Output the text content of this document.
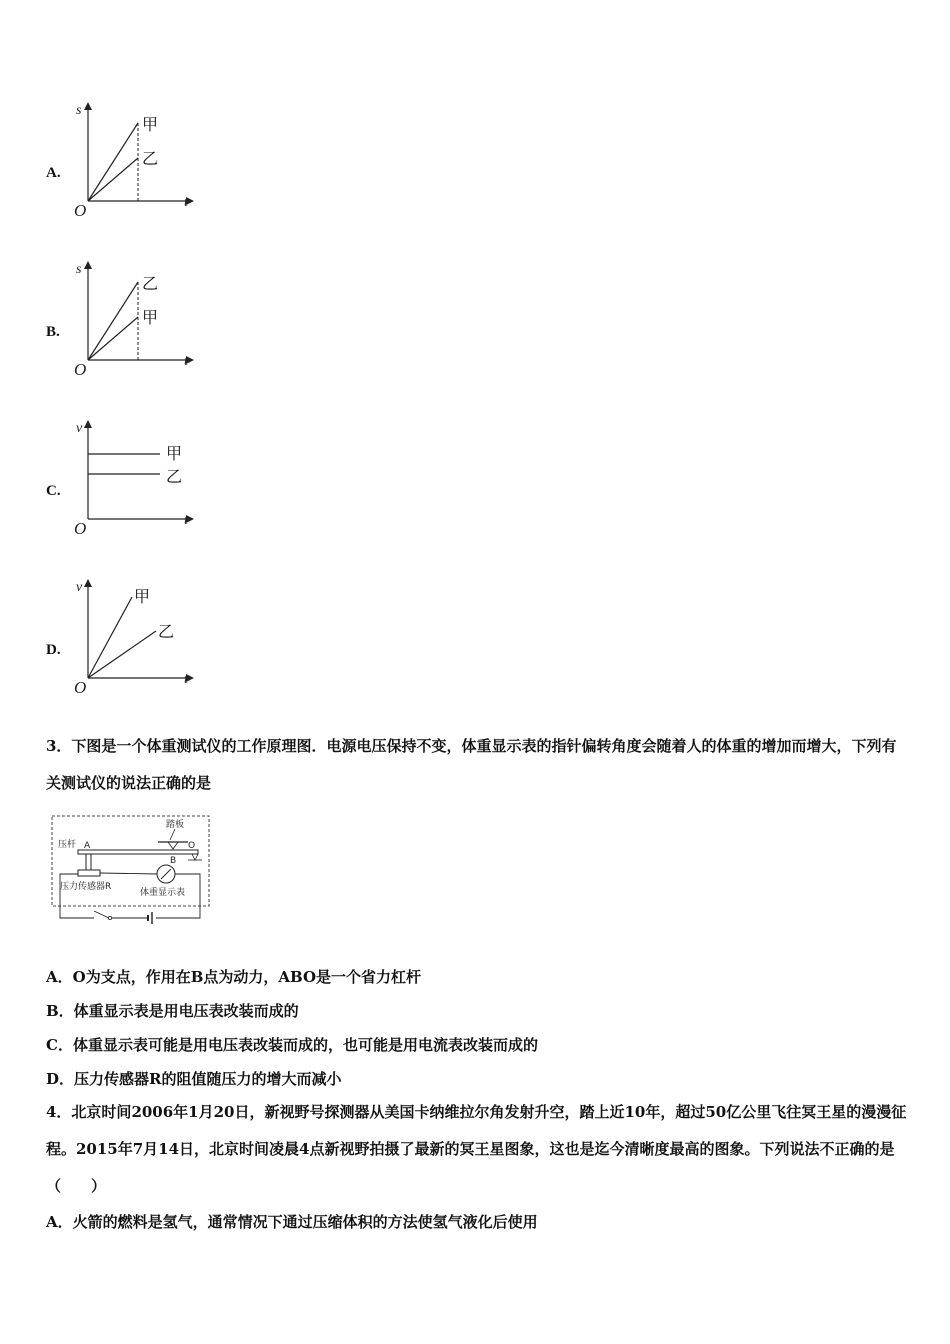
A.
s
t
O
甲
乙
B.
s
t
O
乙
甲
C.
v
t
O
甲
乙
D.
v
t
O
甲
乙
3．下图是一个体重测试仪的工作原理图．电源电压保持不变，体重显示表的指针偏转角度会随着人的体重的增加而增大，下列有关测试仪的说法正确的是
踏板
A
B
O
压杆
压力传感器R
体重显示表
A．O为支点，作用在B点为动力，ABO是一个省力杠杆
B．体重显示表是用电压表改装而成的
C．体重显示表可能是用电压表改装而成的，也可能是用电流表改装而成的
D．压力传感器R的阻值随压力的增大而减小
4．北京时间2006年1月20日，新视野号探测器从美国卡纳维拉尔角发射升空，踏上近10年，超过50亿公里飞往冥王星的漫漫征程。2015年7月14日，北京时间凌晨4点新视野拍摄了最新的冥王星图象，这也是迄今清晰度最高的图象。下列说法不正确的是（　　）
A．火箭的燃料是氢气，通常情况下通过压缩体积的方法使氢气液化后使用
